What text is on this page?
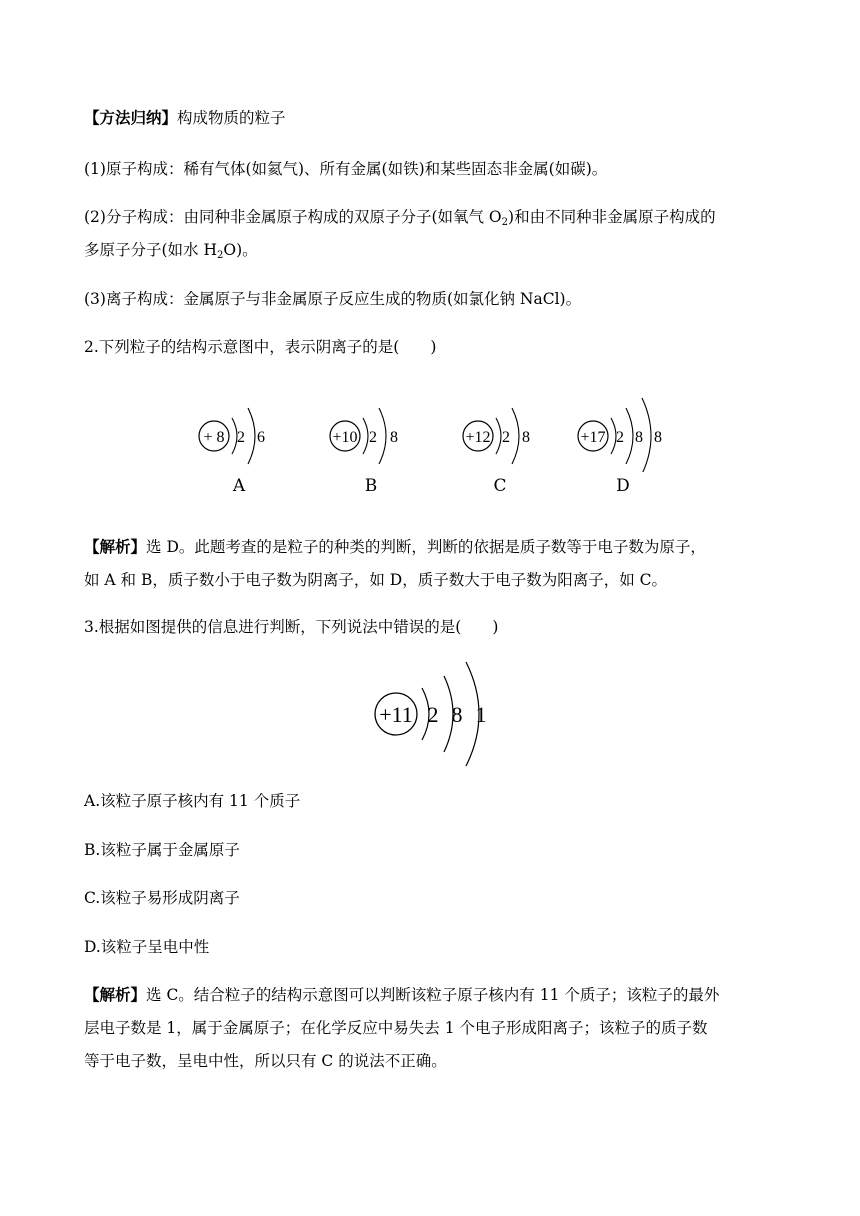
【方法归纳】构成物质的粒子
(1)原子构成：稀有气体(如氦气)、所有金属(如铁)和某些固态非金属(如碳)。
(2)分子构成：由同种非金属原子构成的双原子分子(如氧气 $O_2$)和由不同种非金属原子构成的
多原子分子(如水 $H_2O$)。
(3)离子构成：金属原子与非金属原子反应生成的物质(如氯化钠 NaCl)。
2.下列粒子的结构示意图中，表示阴离子的是(　　)
+ 8 2 6	+10 2 8	+12 2 8	+17 2 8 8
A	B	C	D
【解析】选 D。此题考查的是粒子的种类的判断，判断的依据是质子数等于电子数为原子，
如 A 和 B，质子数小于电子数为阴离子，如 D，质子数大于电子数为阳离子，如 C。
3.根据如图提供的信息进行判断，下列说法中错误的是(　　)
+11 2 8 1
A.该粒子原子核内有 11 个质子
B.该粒子属于金属原子
C.该粒子易形成阴离子
D.该粒子呈电中性
【解析】选 C。结合粒子的结构示意图可以判断该粒子原子核内有 11 个质子；该粒子的最外
层电子数是 1，属于金属原子；在化学反应中易失去 1 个电子形成阳离子；该粒子的质子数
等于电子数，呈电中性，所以只有 C 的说法不正确。
